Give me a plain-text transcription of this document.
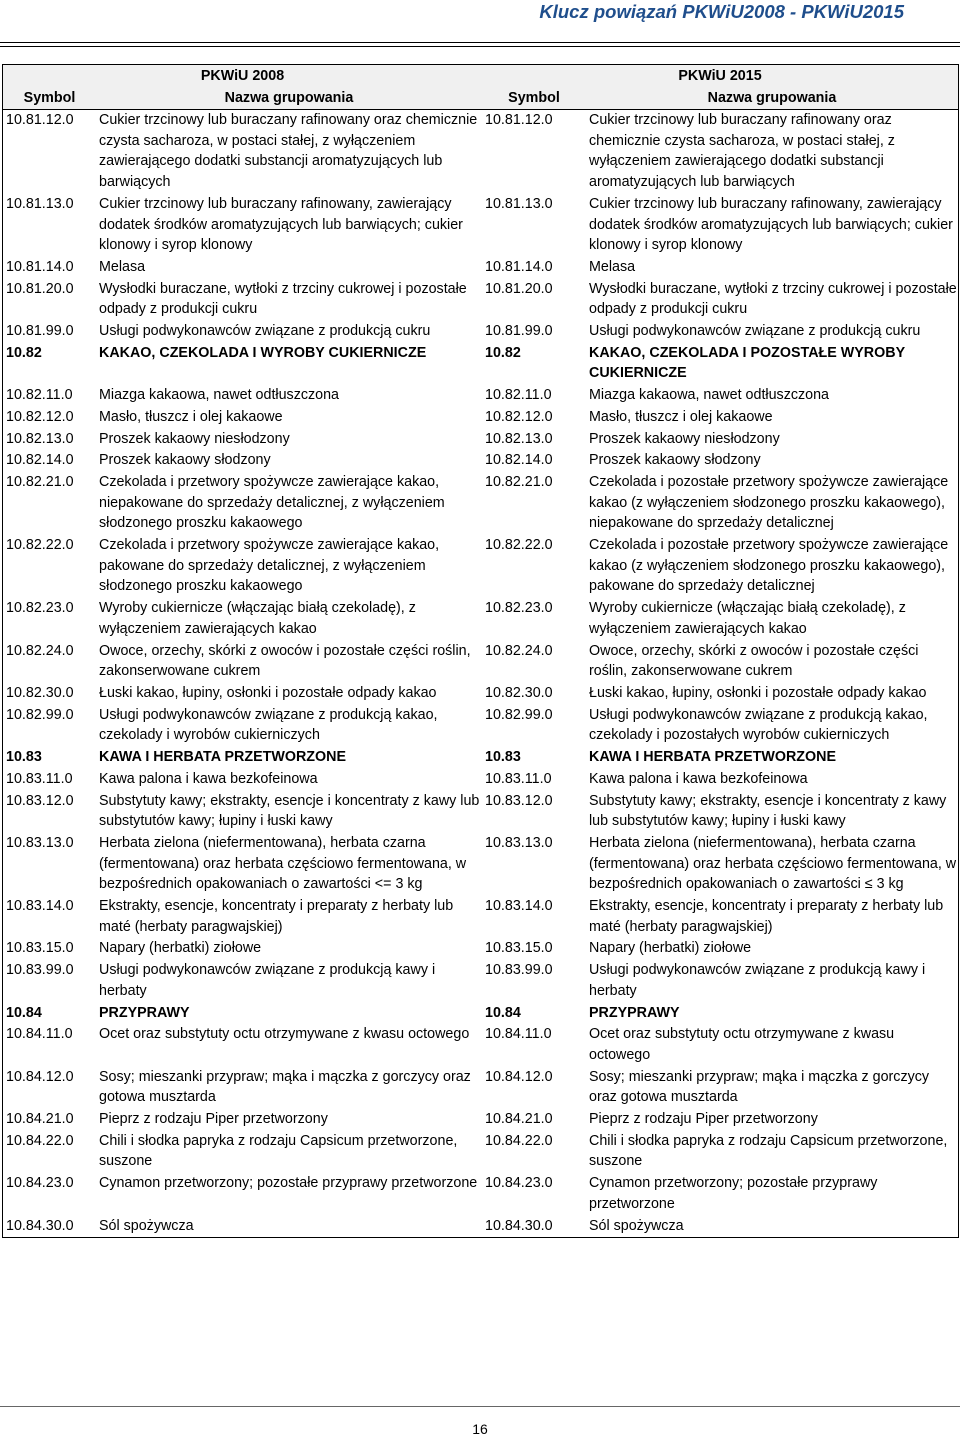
Klucz powiązań PKWiU2008 - PKWiU2015
PKWiU 2008		PKWiU 2015	
Symbol	Nazwa grupowania	Symbol	Nazwa grupowania
10.81.12.0	Cukier trzcinowy lub buraczany rafinowany oraz chemicznie czysta sacharoza, w postaci stałej, z wyłączeniem zawierającego dodatki substancji aromatyzujących lub barwiących	10.81.12.0	Cukier trzcinowy lub buraczany rafinowany oraz chemicznie czysta sacharoza, w postaci stałej, z wyłączeniem zawierającego dodatki substancji aromatyzujących lub barwiących
10.81.13.0	Cukier trzcinowy lub buraczany rafinowany, zawierający dodatek środków aromatyzujących lub barwiących; cukier klonowy i syrop klonowy	10.81.13.0	Cukier trzcinowy lub buraczany rafinowany, zawierający dodatek środków aromatyzujących lub barwiących; cukier klonowy i syrop klonowy
10.81.14.0	Melasa	10.81.14.0	Melasa
10.81.20.0	Wysłodki buraczane, wytłoki z trzciny cukrowej i pozostałe odpady z produkcji cukru	10.81.20.0	Wysłodki buraczane, wytłoki z trzciny cukrowej i pozostałe odpady z produkcji cukru
10.81.99.0	Usługi podwykonawców związane z produkcją cukru	10.81.99.0	Usługi podwykonawców związane z produkcją cukru
10.82	KAKAO, CZEKOLADA I WYROBY CUKIERNICZE	10.82	KAKAO, CZEKOLADA I POZOSTAŁE WYROBY CUKIERNICZE
10.82.11.0	Miazga kakaowa, nawet odtłuszczona	10.82.11.0	Miazga kakaowa, nawet odtłuszczona
10.82.12.0	Masło, tłuszcz i olej kakaowe	10.82.12.0	Masło, tłuszcz i olej kakaowe
10.82.13.0	Proszek kakaowy niesłodzony	10.82.13.0	Proszek kakaowy niesłodzony
10.82.14.0	Proszek kakaowy słodzony	10.82.14.0	Proszek kakaowy słodzony
10.82.21.0	Czekolada i przetwory spożywcze zawierające kakao, niepakowane do sprzedaży detalicznej, z wyłączeniem słodzonego proszku kakaowego	10.82.21.0	Czekolada i pozostałe przetwory spożywcze zawierające kakao (z wyłączeniem słodzonego proszku kakaowego), niepakowane do sprzedaży detalicznej
10.82.22.0	Czekolada i przetwory spożywcze zawierające kakao, pakowane do sprzedaży detalicznej, z wyłączeniem słodzonego proszku kakaowego	10.82.22.0	Czekolada i pozostałe przetwory spożywcze zawierające kakao (z wyłączeniem słodzonego proszku kakaowego), pakowane do sprzedaży detalicznej
10.82.23.0	Wyroby cukiernicze (włączając białą czekoladę), z wyłączeniem zawierających kakao	10.82.23.0	Wyroby cukiernicze (włączając białą czekoladę), z wyłączeniem zawierających kakao
10.82.24.0	Owoce, orzechy, skórki z owoców i pozostałe części roślin, zakonserwowane cukrem	10.82.24.0	Owoce, orzechy, skórki z owoców i pozostałe części roślin, zakonserwowane cukrem
10.82.30.0	Łuski kakao, łupiny, osłonki i pozostałe odpady kakao	10.82.30.0	Łuski kakao, łupiny, osłonki i pozostałe odpady kakao
10.82.99.0	Usługi podwykonawców związane z produkcją kakao, czekolady i wyrobów cukierniczych	10.82.99.0	Usługi podwykonawców związane z produkcją kakao, czekolady i pozostałych wyrobów cukierniczych
10.83	KAWA I HERBATA PRZETWORZONE	10.83	KAWA I HERBATA PRZETWORZONE
10.83.11.0	Kawa palona i kawa bezkofeinowa	10.83.11.0	Kawa palona i kawa bezkofeinowa
10.83.12.0	Substytuty kawy; ekstrakty, esencje i koncentraty z kawy lub substytutów kawy; łupiny i łuski kawy	10.83.12.0	Substytuty kawy; ekstrakty, esencje i koncentraty z kawy lub substytutów kawy; łupiny i łuski kawy
10.83.13.0	Herbata zielona (niefermentowana), herbata czarna (fermentowana) oraz herbata częściowo fermentowana, w bezpośrednich opakowaniach o zawartości <= 3 kg	10.83.13.0	Herbata zielona (niefermentowana), herbata czarna (fermentowana) oraz herbata częściowo fermentowana, w bezpośrednich opakowaniach o zawartości ≤ 3 kg
10.83.14.0	Ekstrakty, esencje, koncentraty i preparaty z herbaty lub maté (herbaty paragwajskiej)	10.83.14.0	Ekstrakty, esencje, koncentraty i preparaty z herbaty lub maté (herbaty paragwajskiej)
10.83.15.0	Napary (herbatki) ziołowe	10.83.15.0	Napary (herbatki) ziołowe
10.83.99.0	Usługi podwykonawców związane z produkcją kawy i herbaty	10.83.99.0	Usługi podwykonawców związane z produkcją kawy i herbaty
10.84	PRZYPRAWY	10.84	PRZYPRAWY
10.84.11.0	Ocet oraz substytuty octu otrzymywane z kwasu octowego	10.84.11.0	Ocet oraz substytuty octu otrzymywane z kwasu octowego
10.84.12.0	Sosy; mieszanki przypraw; mąka i mączka z gorczycy oraz gotowa musztarda	10.84.12.0	Sosy; mieszanki przypraw; mąka i mączka z gorczycy oraz gotowa musztarda
10.84.21.0	Pieprz z rodzaju Piper przetworzony	10.84.21.0	Pieprz z rodzaju Piper przetworzony
10.84.22.0	Chili i słodka papryka z rodzaju Capsicum przetworzone, suszone	10.84.22.0	Chili i słodka papryka z rodzaju Capsicum przetworzone, suszone
10.84.23.0	Cynamon przetworzony; pozostałe przyprawy przetworzone	10.84.23.0	Cynamon przetworzony; pozostałe przyprawy przetworzone
10.84.30.0	Sól spożywcza	10.84.30.0	Sól spożywcza
16
